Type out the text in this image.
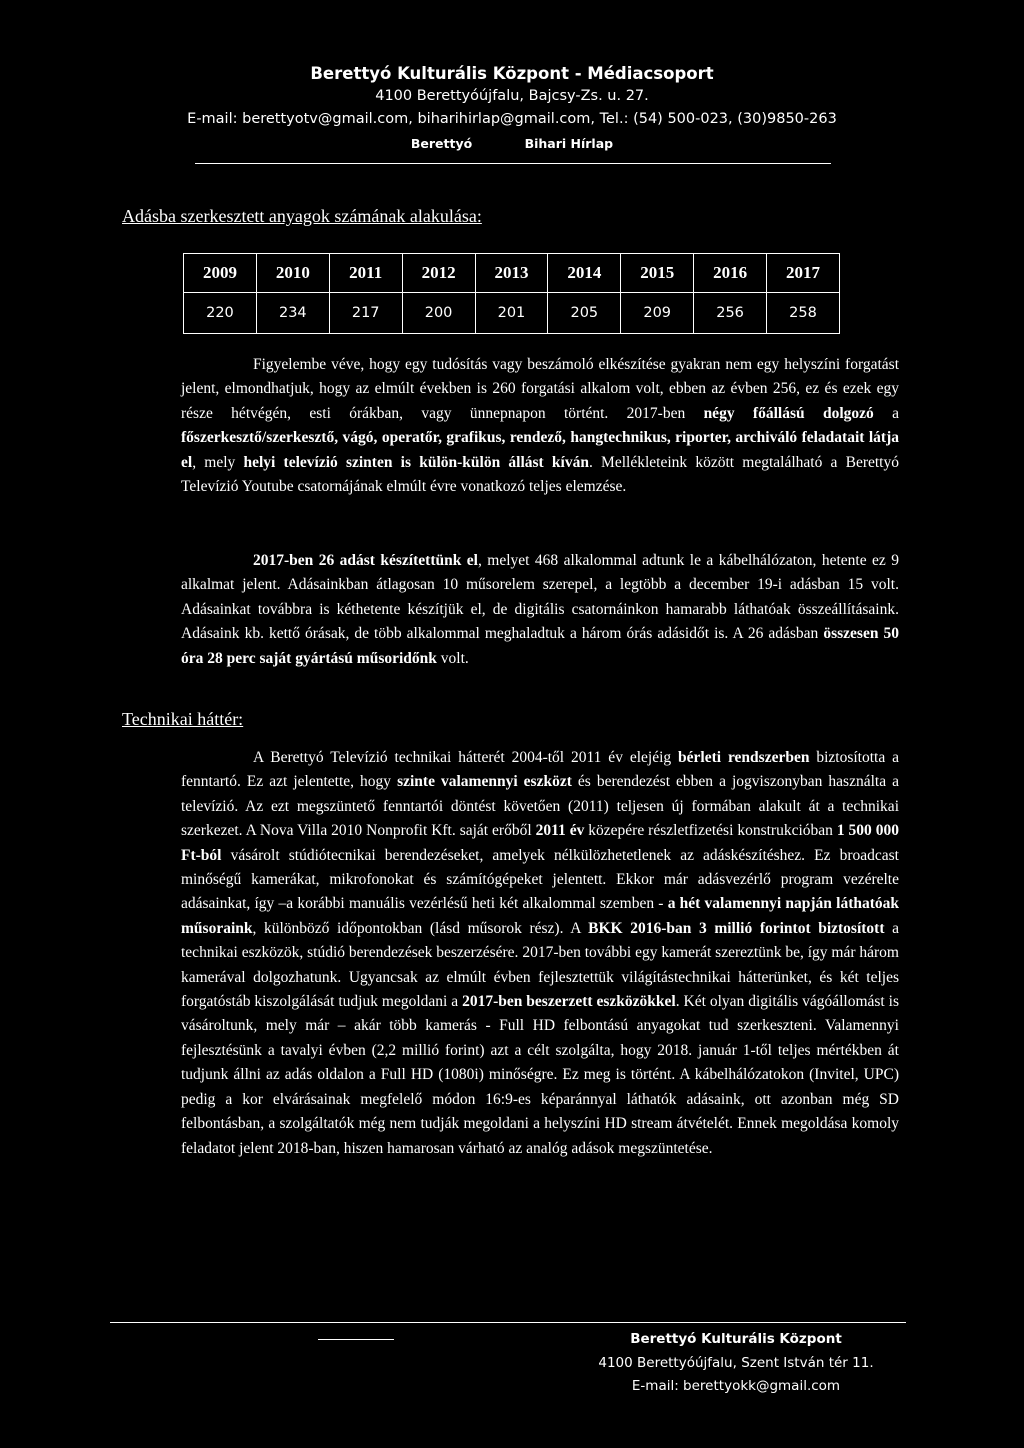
Berettyó Kulturális Központ - Médiacsoport
4100 Berettyóújfalu, Bajcsy-Zs. u. 27.
E-mail: berettyotv@gmail.com, biharihirlap@gmail.com, Tel.: (54) 500-023, (30)9850-263
Berettyó	Bihari Hírlap
Adásba szerkesztett anyagok számának alakulása:
2009	2010	2011	2012	2013	2014	2015	2016	2017
220	234	217	200	201	205	209	256	258

Figyelembe véve, hogy egy tudósítás vagy beszámoló elkészítése gyakran nem egy helyszíni forgatást jelent, elmondhatjuk, hogy az elmúlt években is 260 forgatási alkalom volt, ebben az évben 256, ez és ezek egy része hétvégén, esti órákban, vagy ünnepnapon történt. 2017-ben négy főállású dolgozó a főszerkesztő/szerkesztő, vágó, operatőr, grafikus, rendező, hangtechnikus, riporter, archiváló feladatait látja el, mely helyi televízió szinten is külön-külön állást kíván. Mellékleteink között megtalálható a Berettyó Televízió Youtube csatornájának elmúlt évre vonatkozó teljes elemzése.

2017-ben 26 adást készítettünk el, melyet 468 alkalommal adtunk le a kábelhálózaton, hetente ez 9 alkalmat jelent. Adásainkban átlagosan 10 műsorelem szerepel, a legtöbb a december 19-i adásban 15 volt. Adásainkat továbbra is kéthetente készítjük el, de digitális csatornáinkon hamarabb láthatóak összeállításaink. Adásaink kb. kettő órásak, de több alkalommal meghaladtuk a három órás adásidőt is. A 26 adásban összesen 50 óra 28 perc saját gyártású műsoridőnk volt.

Technikai háttér:

A Berettyó Televízió technikai hátterét 2004-től 2011 év elejéig bérleti rendszerben biztosította a fenntartó. Ez azt jelentette, hogy szinte valamennyi eszközt és berendezést ebben a jogviszonyban használta a televízió. Az ezt megszüntető fenntartói döntést követően (2011) teljesen új formában alakult át a technikai szerkezet. A Nova Villa 2010 Nonprofit Kft. saját erőből 2011 év közepére részletfizetési konstrukcióban 1 500 000 Ft-ból vásárolt stúdiótecnikai berendezéseket, amelyek nélkülözhetetlenek az adáskészítéshez. Ez broadcast minőségű kamerákat, mikrofonokat és számítógépeket jelentett. Ekkor már adásvezérlő program vezérelte adásainkat, így –a korábbi manuális vezérlésű heti két alkalommal szemben - a hét valamennyi napján láthatóak műsoraink, különböző időpontokban (lásd műsorok rész). A BKK 2016-ban 3 millió forintot biztosított a technikai eszközök, stúdió berendezések beszerzésére. 2017-ben további egy kamerát szereztünk be, így már három kamerával dolgozhatunk. Ugyancsak az elmúlt évben fejlesztettük világítástechnikai hátterünket, és két teljes forgatóstáb kiszolgálását tudjuk megoldani a 2017-ben beszerzett eszközökkel. Két olyan digitális vágóállomást is vásároltunk, mely már – akár több kamerás - Full HD felbontású anyagokat tud szerkeszteni. Valamennyi fejlesztésünk a tavalyi évben (2,2 millió forint) azt a célt szolgálta, hogy 2018. január 1-től teljes mértékben át tudjunk állni az adás oldalon a Full HD (1080i) minőségre. Ez meg is történt. A kábelhálózatokon (Invitel, UPC) pedig a kor elvárásainak megfelelő módon 16:9-es képaránnyal láthatók adásaink, ott azonban még SD felbontásban, a szolgáltatók még nem tudják megoldani a helyszíni HD stream átvételét. Ennek megoldása komoly feladatot jelent 2018-ban, hiszen hamarosan várható az analóg adások megszüntetése.

Berettyó Kulturális Központ
4100 Berettyóújfalu, Szent István tér 11.
E-mail: berettyokk@gmail.com
